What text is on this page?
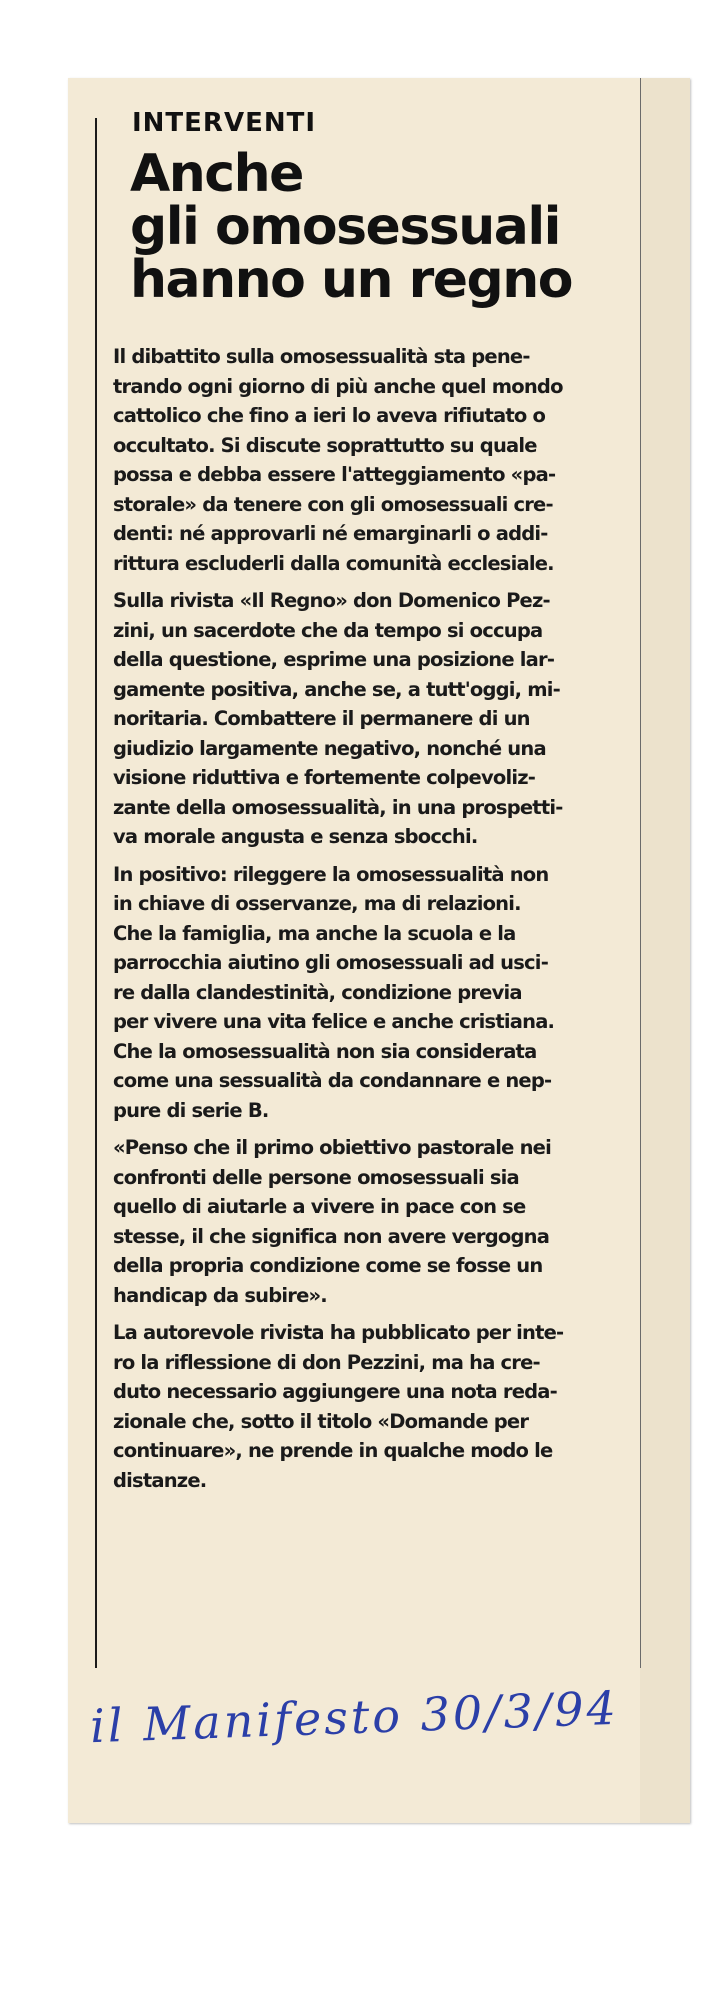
INTERVENTI
Anche
gli omosessuali
hanno un regno
Il dibattito sulla omosessualità sta pene-
trando ogni giorno di più anche quel mondo
cattolico che fino a ieri lo aveva rifiutato o
occultato. Si discute soprattutto su quale
possa e debba essere l'atteggiamento «pa-
storale» da tenere con gli omosessuali cre-
denti: né approvarli né emarginarli o addi-
rittura escluderli dalla comunità ecclesiale.
Sulla rivista «Il Regno» don Domenico Pez-
zini, un sacerdote che da tempo si occupa
della questione, esprime una posizione lar-
gamente positiva, anche se, a tutt'oggi, mi-
noritaria. Combattere il permanere di un
giudizio largamente negativo, nonché una
visione riduttiva e fortemente colpevoliz-
zante della omosessualità, in una prospetti-
va morale angusta e senza sbocchi.
In positivo: rileggere la omosessualità non
in chiave di osservanze, ma di relazioni.
Che la famiglia, ma anche la scuola e la
parrocchia aiutino gli omosessuali ad usci-
re dalla clandestinità, condizione previa
per vivere una vita felice e anche cristiana.
Che la omosessualità non sia considerata
come una sessualità da condannare e nep-
pure di serie B.
«Penso che il primo obiettivo pastorale nei
confronti delle persone omosessuali sia
quello di aiutarle a vivere in pace con se
stesse, il che significa non avere vergogna
della propria condizione come se fosse un
handicap da subire».
La autorevole rivista ha pubblicato per inte-
ro la riflessione di don Pezzini, ma ha cre-
duto necessario aggiungere una nota reda-
zionale che, sotto il titolo «Domande per
continuare», ne prende in qualche modo le
distanze.
il Manifesto 30/3/94
